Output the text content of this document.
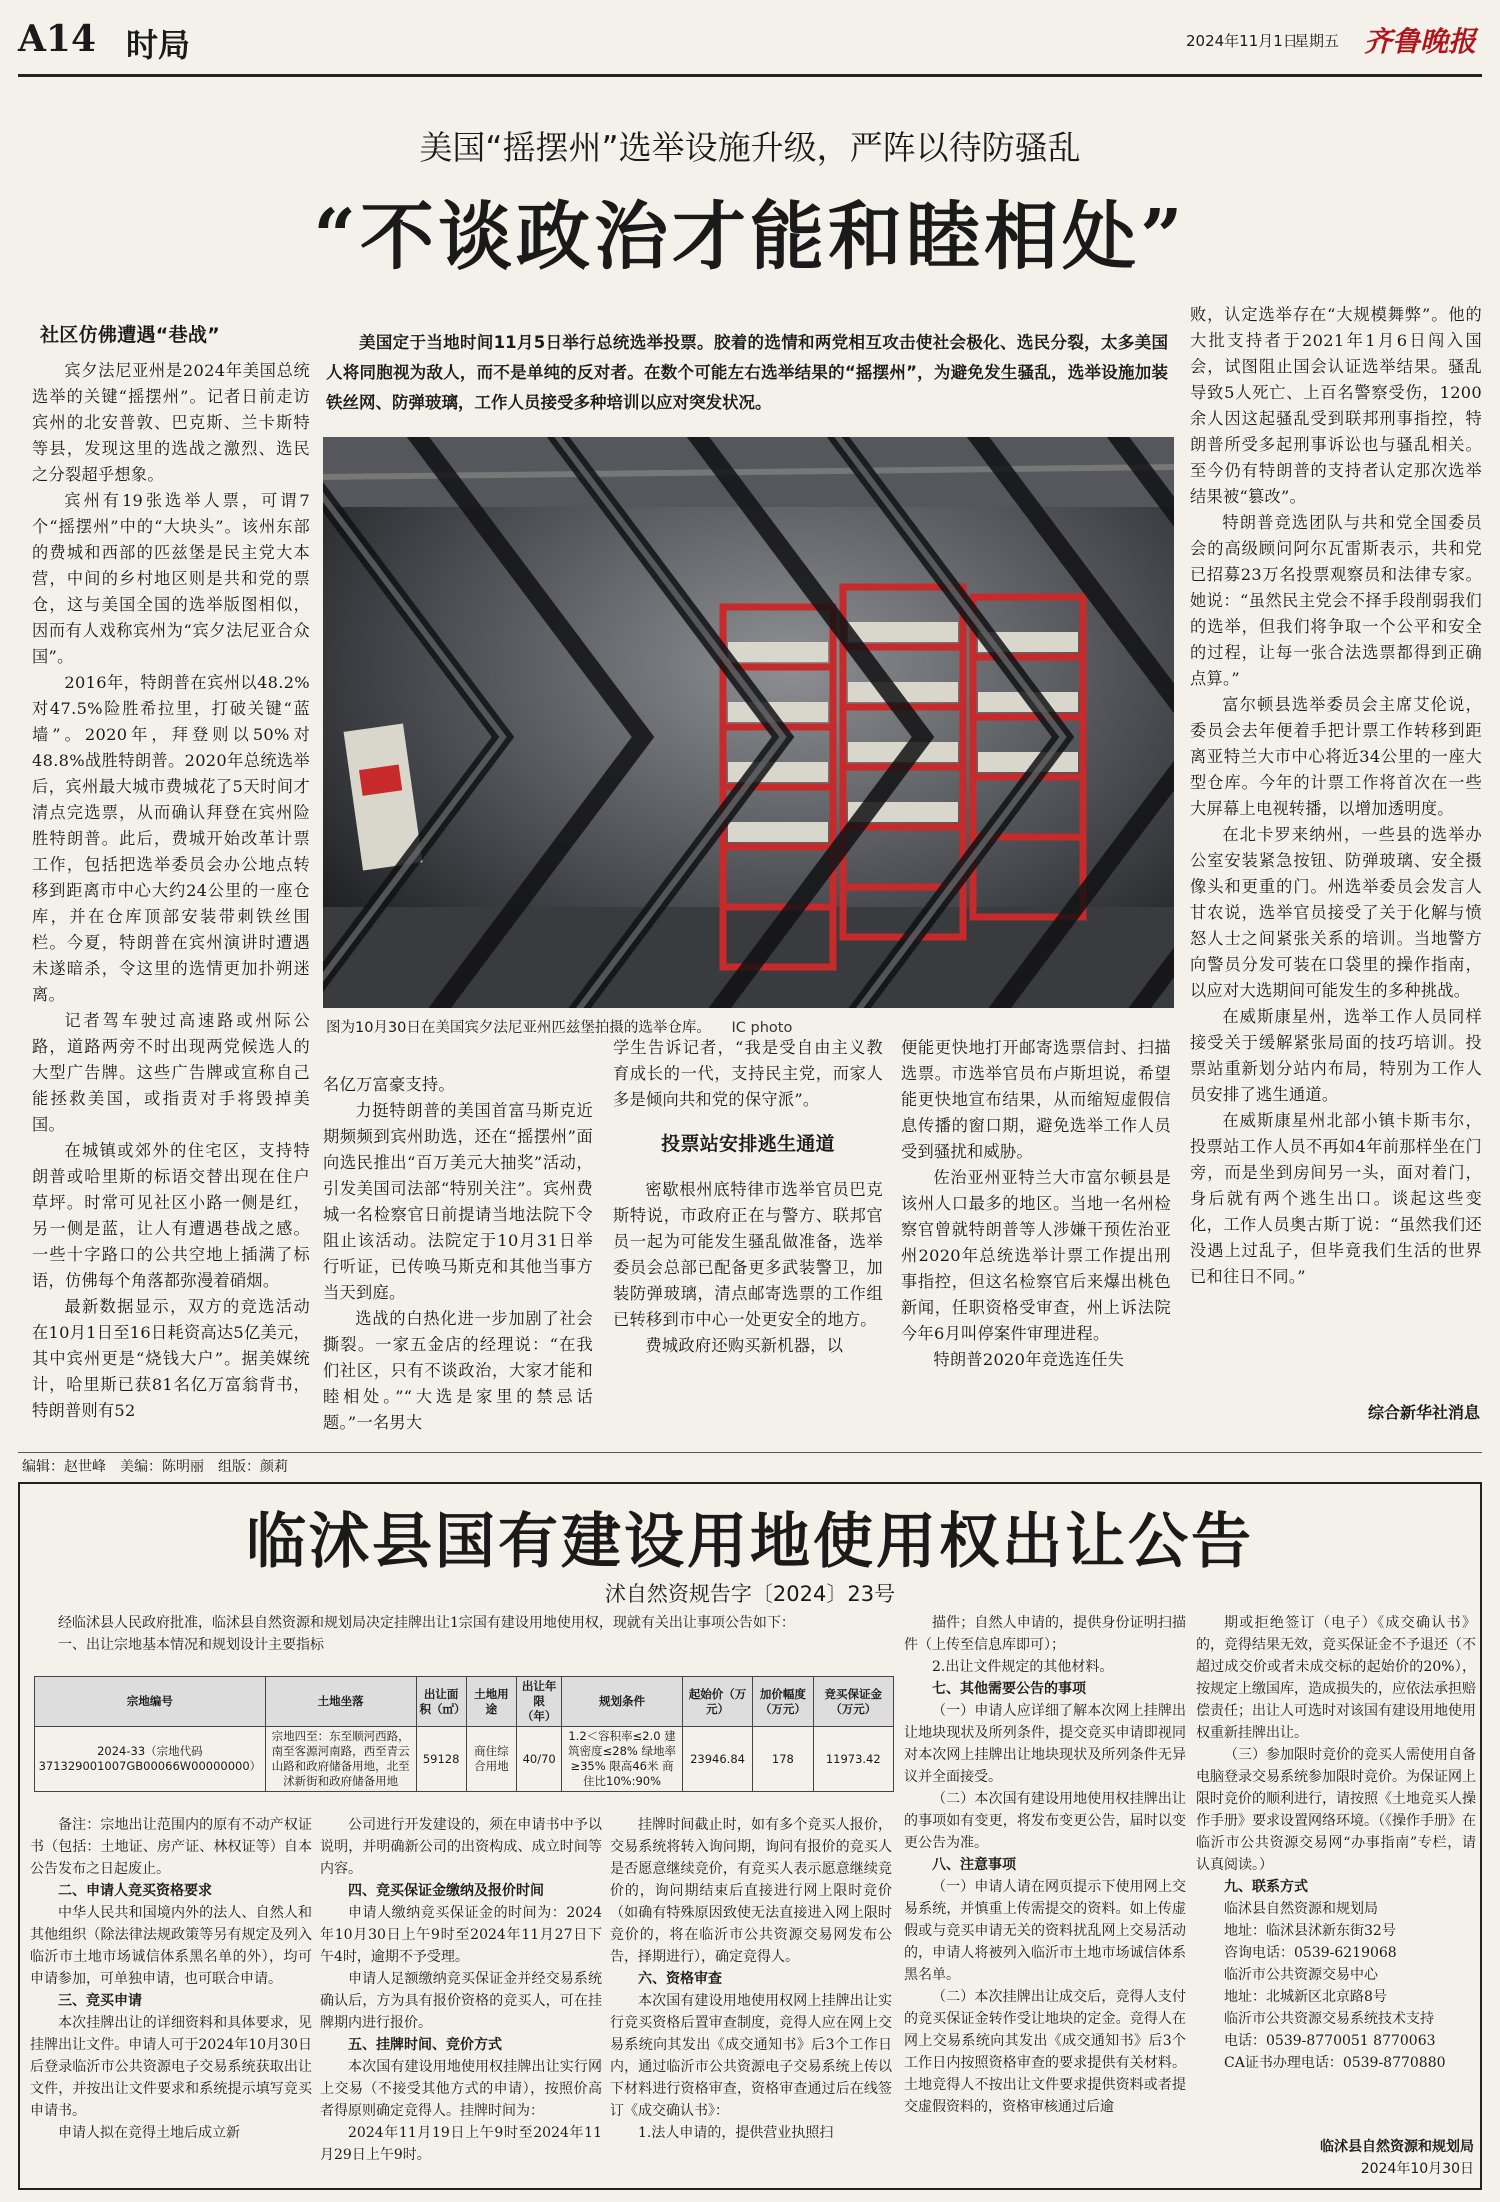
A14 时局	2024年11月1日
星期五 齐鲁晚报
美国“摇摆州”选举设施升级，严阵以待防骚乱
“不谈政治才能和睦相处”
美国定于当地时间11月5日举行总统选举投票。胶着的选情和两党相互攻击使社会极化、选民分裂，太多美国人将同胞视为敌人，而不是单纯的反对者。在数个可能左右选举结果的“摇摆州”，为避免发生骚乱，选举设施加装铁丝网、防弹玻璃，工作人员接受多种培训以应对突发状况。
图为10月30日在美国宾夕法尼亚州匹兹堡拍摄的选举仓库。 IC photo
社区仿佛遭遇“巷战”

宾夕法尼亚州是2024年美国总统选举的关键“摇摆州”。记者日前走访宾州的北安普敦、巴克斯、兰卡斯特等县，发现这里的选战之激烈、选民之分裂超乎想象。

宾州有19张选举人票，可谓7个“摇摆州”中的“大块头”。该州东部的费城和西部的匹兹堡是民主党大本营，中间的乡村地区则是共和党的票仓，这与美国全国的选举版图相似，因而有人戏称宾州为“宾夕法尼亚合众国”。

2016年，特朗普在宾州以48.2%对47.5%险胜希拉里，打破关键“蓝墙”。2020年，拜登则以50%对48.8%战胜特朗普。2020年总统选举后，宾州最大城市费城花了5天时间才清点完选票，从而确认拜登在宾州险胜特朗普。此后，费城开始改革计票工作，包括把选举委员会办公地点转移到距离市中心大约24公里的一座仓库，并在仓库顶部安装带刺铁丝围栏。今夏，特朗普在宾州演讲时遭遇未遂暗杀，令这里的选情更加扑朔迷离。

记者驾车驶过高速路或州际公路，道路两旁不时出现两党候选人的大型广告牌。这些广告牌或宣称自己能拯救美国，或指责对手将毁掉美国。

在城镇或郊外的住宅区，支持特朗普或哈里斯的标语交替出现在住户草坪。时常可见社区小路一侧是红，另一侧是蓝，让人有遭遇巷战之感。一些十字路口的公共空地上插满了标语，仿佛每个角落都弥漫着硝烟。

最新数据显示，双方的竞选活动在10月1日至16日耗资高达5亿美元，其中宾州更是“烧钱大户”。据美媒统计，哈里斯已获81名亿万富翁背书，特朗普则有52

名亿万富豪支持。

力挺特朗普的美国首富马斯克近期频频到宾州助选，还在“摇摆州”面向选民推出“百万美元大抽奖”活动，引发美国司法部“特别关注”。宾州费城一名检察官日前提请当地法院下令阻止该活动。法院定于10月31日举行听证，已传唤马斯克和其他当事方当天到庭。

选战的白热化进一步加剧了社会撕裂。一家五金店的经理说：“在我们社区，只有不谈政治，大家才能和睦相处。”“大选是家里的禁忌话题。”一名男大

学生告诉记者，“我是受自由主义教育成长的一代，支持民主党，而家人多是倾向共和党的保守派”。
投票站安排逃生通道

密歇根州底特律市选举官员巴克斯特说，市政府正在与警方、联邦官员一起为可能发生骚乱做准备，选举委员会总部已配备更多武装警卫，加装防弹玻璃，清点邮寄选票的工作组已转移到市中心一处更安全的地方。

费城政府还购买新机器，以

便能更快地打开邮寄选票信封、扫描选票。市选举官员布卢斯坦说，希望能更快地宣布结果，从而缩短虚假信息传播的窗口期，避免选举工作人员受到骚扰和威胁。

佐治亚州亚特兰大市富尔顿县是该州人口最多的地区。当地一名州检察官曾就特朗普等人涉嫌干预佐治亚州2020年总统选举计票工作提出刑事指控，但这名检察官后来爆出桃色新闻，任职资格受审查，州上诉法院今年6月叫停案件审理进程。

特朗普2020年竞选连任失

败，认定选举存在“大规模舞弊”。他的大批支持者于2021年1月6日闯入国会，试图阻止国会认证选举结果。骚乱导致5人死亡、上百名警察受伤，1200余人因这起骚乱受到联邦刑事指控，特朗普所受多起刑事诉讼也与骚乱相关。至今仍有特朗普的支持者认定那次选举结果被“篡改”。

特朗普竞选团队与共和党全国委员会的高级顾问阿尔瓦雷斯表示，共和党已招募23万名投票观察员和法律专家。她说：“虽然民主党会不择手段削弱我们的选举，但我们将争取一个公平和安全的过程，让每一张合法选票都得到正确点算。”

富尔顿县选举委员会主席艾伦说，委员会去年便着手把计票工作转移到距离亚特兰大市中心将近34公里的一座大型仓库。今年的计票工作将首次在一些大屏幕上电视转播，以增加透明度。

在北卡罗来纳州，一些县的选举办公室安装紧急按钮、防弹玻璃、安全摄像头和更重的门。州选举委员会发言人甘农说，选举官员接受了关于化解与愤怒人士之间紧张关系的培训。当地警方向警员分发可装在口袋里的操作指南，以应对大选期间可能发生的多种挑战。

在威斯康星州，选举工作人员同样接受关于缓解紧张局面的技巧培训。投票站重新划分站内布局，特别为工作人员安排了逃生通道。

在威斯康星州北部小镇卡斯韦尔，投票站工作人员不再如4年前那样坐在门旁，而是坐到房间另一头，面对着门，身后就有两个逃生出口。谈起这些变化，工作人员奥古斯丁说：“虽然我们还没遇上过乱子，但毕竟我们生活的世界已和往日不同。”

综合新华社消息
编辑：赵世峰　美编：陈明丽　组版：颜莉
临沭县国有建设用地使用权出让公告
沭自然资规告字〔2024〕23号

经临沭县人民政府批准，临沭县自然资源和规划局决定挂牌出让1宗国有建设用地使用权，现就有关出让事项公告如下：

一、出让宗地基本情况和规划设计主要指标
宗地编号	土地坐落	出让面积（㎡）	土地用途	出让年限（年）	规划条件	起始价（万元）	加价幅度（万元）	竞买保证金（万元）
2024-33（宗地代码371329001007GB00066W00000000）	宗地四至：东至顺河西路，南至客源河南路，西至青云山路和政府储备用地，北至沭新街和政府储备用地	59128	商住综合用地	40/70	1.2＜容积率≤2.0 建筑密度≤28% 绿地率≥35% 限高46米 商住比10%:90%	23946.84	178	11973.42

备注：宗地出让范围内的原有不动产权证书（包括：土地证、房产证、林权证等）自本公告发布之日起废止。

二、申请人竞买资格要求

中华人民共和国境内外的法人、自然人和其他组织（除法律法规政策等另有规定及列入临沂市土地市场诚信体系黑名单的外），均可申请参加，可单独申请，也可联合申请。

三、竞买申请

本次挂牌出让的详细资料和具体要求，见挂牌出让文件。申请人可于2024年10月30日后登录临沂市公共资源电子交易系统获取出让文件，并按出让文件要求和系统提示填写竞买申请书。

申请人拟在竞得土地后成立新

公司进行开发建设的，须在申请书中予以说明，并明确新公司的出资构成、成立时间等内容。

四、竞买保证金缴纳及报价时间

申请人缴纳竞买保证金的时间为：2024年10月30日上午9时至2024年11月27日下午4时，逾期不予受理。

申请人足额缴纳竞买保证金并经交易系统确认后，方为具有报价资格的竞买人，可在挂牌期内进行报价。

五、挂牌时间、竞价方式

本次国有建设用地使用权挂牌出让实行网上交易（不接受其他方式的申请），按照价高者得原则确定竞得人。挂牌时间为：

2024年11月19日上午9时至2024年11月29日上午9时。

挂牌时间截止时，如有多个竞买人报价，交易系统将转入询问期，询问有报价的竞买人是否愿意继续竞价，有竞买人表示愿意继续竞价的，询问期结束后直接进行网上限时竞价（如确有特殊原因致使无法直接进入网上限时竞价的，将在临沂市公共资源交易网发布公告，择期进行），确定竞得人。

六、资格审查

本次国有建设用地使用权网上挂牌出让实行竞买资格后置审查制度，竞得人应在网上交易系统向其发出《成交通知书》后3个工作日内，通过临沂市公共资源电子交易系统上传以下材料进行资格审查，资格审查通过后在线签订《成交确认书》：

1.法人申请的，提供营业执照扫

描件；自然人申请的，提供身份证明扫描件（上传至信息库即可）；

2.出让文件规定的其他材料。

七、其他需要公告的事项

（一）申请人应详细了解本次网上挂牌出让地块现状及所列条件，提交竞买申请即视同对本次网上挂牌出让地块现状及所列条件无异议并全面接受。

（二）本次国有建设用地使用权挂牌出让的事项如有变更，将发布变更公告，届时以变更公告为准。

八、注意事项

（一）申请人请在网页提示下使用网上交易系统，并慎重上传需提交的资料。如上传虚假或与竞买申请无关的资料扰乱网上交易活动的，申请人将被列入临沂市土地市场诚信体系黑名单。

（二）本次挂牌出让成交后，竞得人支付的竞买保证金转作受让地块的定金。竞得人在网上交易系统向其发出《成交通知书》后3个工作日内按照资格审查的要求提供有关材料。土地竞得人不按出让文件要求提供资料或者提交虚假资料的，资格审核通过后逾

期或拒绝签订（电子）《成交确认书》的，竞得结果无效，竞买保证金不予退还（不超过成交价或者未成交标的起始价的20%），按规定上缴国库，造成损失的，应依法承担赔偿责任；出让人可选时对该国有建设用地使用权重新挂牌出让。

（三）参加限时竞价的竞买人需使用自备电脑登录交易系统参加限时竞价。为保证网上限时竞价的顺利进行，请按照《土地竞买人操作手册》要求设置网络环境。（《操作手册》在临沂市公共资源交易网“办事指南”专栏，请认真阅读。）

九、联系方式

临沭县自然资源和规划局

地址：临沭县沭新东街32号

咨询电话：0539-6219068

临沂市公共资源交易中心

地址：北城新区北京路8号

临沂市公共资源交易系统技术支持

电话：0539-8770051 8770063

CA证书办理电话：0539-8770880

临沭县自然资源和规划局
2024年10月30日
